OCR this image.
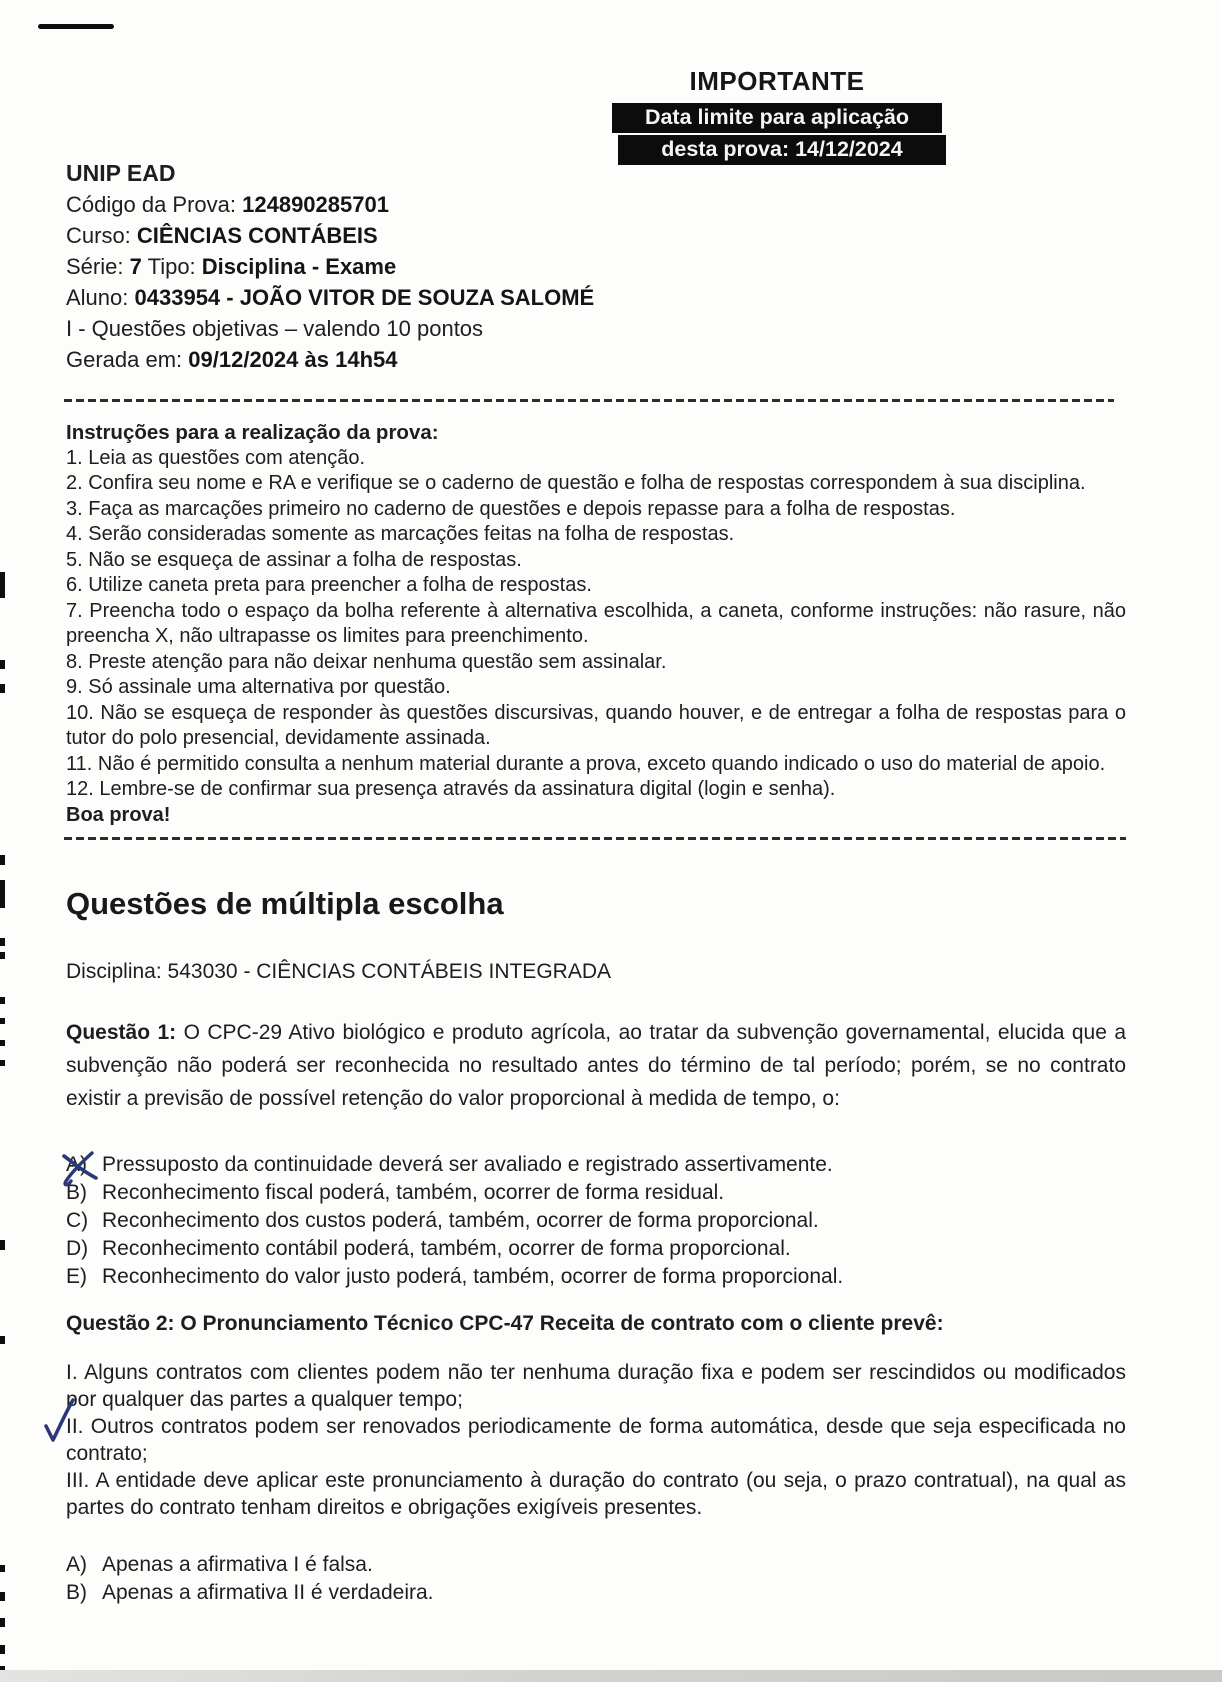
IMPORTANTE
Data limite para aplicação
desta prova: 14/12/2024
UNIP EAD
Código da Prova: 124890285701
Curso: CIÊNCIAS CONTÁBEIS
Série: 7 Tipo: Disciplina - Exame
Aluno: 0433954 - JOÃO VITOR DE SOUZA SALOMÉ
I - Questões objetivas – valendo 10 pontos
Gerada em: 09/12/2024 às 14h54
Instruções para a realização da prova:
1. Leia as questões com atenção.
2. Confira seu nome e RA e verifique se o caderno de questão e folha de respostas correspondem à sua disciplina.
3. Faça as marcações primeiro no caderno de questões e depois repasse para a folha de respostas.
4. Serão consideradas somente as marcações feitas na folha de respostas.
5. Não se esqueça de assinar a folha de respostas.
6. Utilize caneta preta para preencher a folha de respostas.
7. Preencha todo o espaço da bolha referente à alternativa escolhida, a caneta, conforme instruções: não rasure, não preencha X, não ultrapasse os limites para preenchimento.
8. Preste atenção para não deixar nenhuma questão sem assinalar.
9. Só assinale uma alternativa por questão.
10. Não se esqueça de responder às questões discursivas, quando houver, e de entregar a folha de respostas para o tutor do polo presencial, devidamente assinada.
11. Não é permitido consulta a nenhum material durante a prova, exceto quando indicado o uso do material de apoio.
12. Lembre-se de confirmar sua presença através da assinatura digital (login e senha).
Boa prova!
Questões de múltipla escolha
Disciplina: 543030 - CIÊNCIAS CONTÁBEIS INTEGRADA
Questão 1: O CPC-29 Ativo biológico e produto agrícola, ao tratar da subvenção governamental, elucida que a subvenção não poderá ser reconhecida no resultado antes do término de tal período; porém, se no contrato existir a previsão de possível retenção do valor proporcional à medida de tempo, o:
A) Pressuposto da continuidade deverá ser avaliado e registrado assertivamente.
B) Reconhecimento fiscal poderá, também, ocorrer de forma residual.
C) Reconhecimento dos custos poderá, também, ocorrer de forma proporcional.
D) Reconhecimento contábil poderá, também, ocorrer de forma proporcional.
E) Reconhecimento do valor justo poderá, também, ocorrer de forma proporcional.
Questão 2: O Pronunciamento Técnico CPC-47 Receita de contrato com o cliente prevê:
I. Alguns contratos com clientes podem não ter nenhuma duração fixa e podem ser rescindidos ou modificados por qualquer das partes a qualquer tempo;
II. Outros contratos podem ser renovados periodicamente de forma automática, desde que seja especificada no contrato;
III. A entidade deve aplicar este pronunciamento à duração do contrato (ou seja, o prazo contratual), na qual as partes do contrato tenham direitos e obrigações exigíveis presentes.
A) Apenas a afirmativa I é falsa.
B) Apenas a afirmativa II é verdadeira.
